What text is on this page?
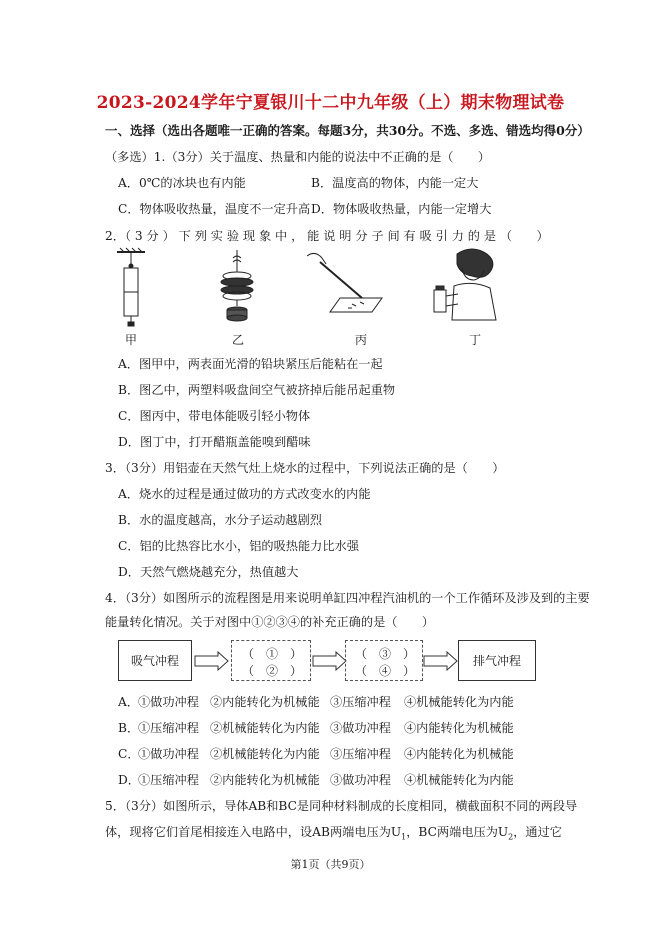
2023-2024学年宁夏银川十二中九年级（上）期末物理试卷
一、选择（选出各题唯一正确的答案。每题3分，共30分。不选、多选、错选均得0分）
（多选）1.（3分）关于温度、热量和内能的说法中不正确的是（　　）
A．0℃的冰块也有内能	B．温度高的物体，内能一定大
C．物体吸收热量，温度不一定升高 D．物体吸收热量，内能一定增大
2．（ 3 分 ） 下 列 实 验 现 象 中 ， 能 说 明 分 子 间 有 吸 引 力 的 是 （　　）
甲	乙	丙	丁
A．图甲中，两表面光滑的铅块紧压后能粘在一起
B．图乙中，两塑料吸盘间空气被挤掉后能吊起重物
C．图丙中，带电体能吸引轻小物体
D．图丁中，打开醋瓶盖能嗅到醋味
3．（3分）用铝壶在天然气灶上烧水的过程中，下列说法正确的是（　　）
A．烧水的过程是通过做功的方式改变水的内能
B．水的温度越高，水分子运动越剧烈
C．铝的比热容比水小，铝的吸热能力比水强
D．天然气燃烧越充分，热值越大
4．（3分）如图所示的流程图是用来说明单缸四冲程汽油机的一个工作循环及涉及到的主要
能量转化情况。关于对图中①②③④的补充正确的是（　　）
吸气冲程	（　①　）
（　②　）
（　③　）
（　④　）
排气冲程
A． ①做功冲程 ②内能转化为机械能 ③压缩冲程 ④机械能转化为内能
B．
①压缩冲程 ②机械能转化为内能 ③做功冲程 ④内能转化为机械能
C．
①做功冲程 ②机械能转化为内能 ③压缩冲程 ④内能转化为机械能
D．
①压缩冲程 ②内能转化为机械能 ③做功冲程 ④机械能转化为内能
5．（3分）如图所示，导体AB和BC是同种材料制成的长度相同，横截面积不同的两段导
体，现将它们首尾相接连入电路中，设AB两端电压为$U_1$，BC两端电压为$U_2$，通过它
第1页（共9页）
